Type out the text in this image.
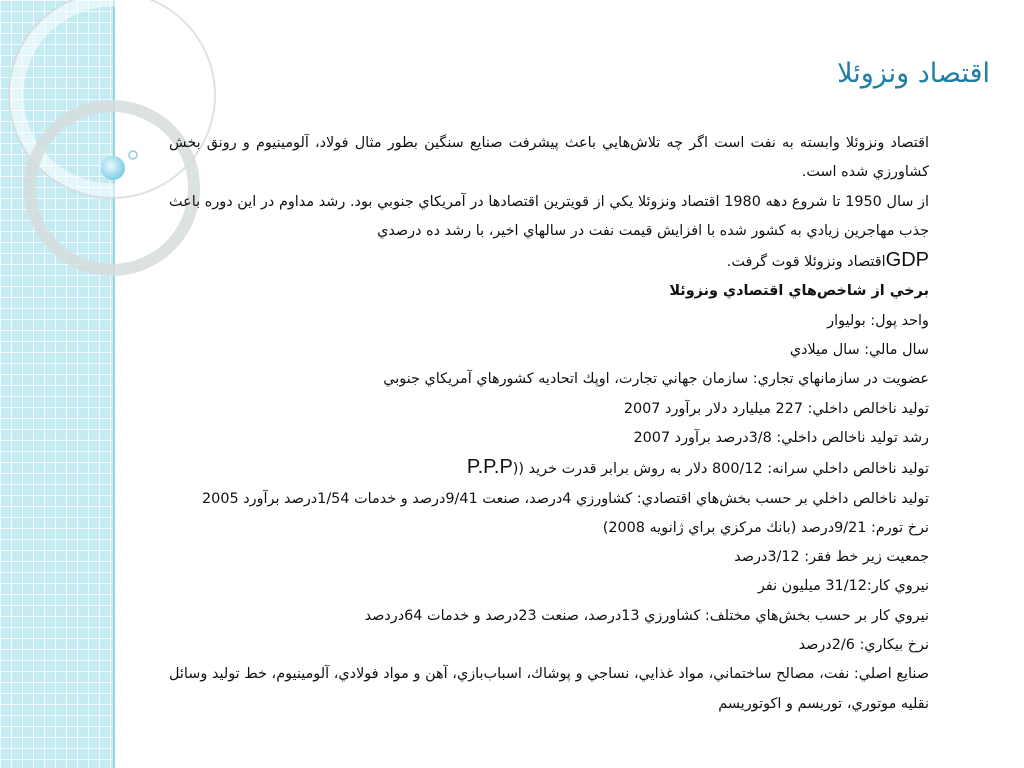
اقتصاد ونزوئلا

اقتصاد ونزوئلا وابسته به نفت است اگر چه تلاش‌هايي باعث پيشرفت صنايع سنگين بطور مثال فولاد، آلومينيوم و رونق بخش كشاورزي شده است.

از سال 1950 تا شروع دهه 1980 اقتصاد ونزوئلا يكي از قويترين اقتصادها در آمريكاي جنوبي بود. رشد مداوم در اين دوره باعث جذب مهاجرين زيادي به كشور شده با افزايش قيمت نفت در سالهاي اخير، با رشد ده درصدي

GDPاقتصاد ونزوئلا قوت گرفت.

برخي از شاخص‌هاي اقتصادي ونزوئلا

واحد پول: بوليوار

سال مالي: سال ميلادي

عضويت در سازمانهاي تجاري: سازمان جهاني تجارت، اوپك اتحاديه كشورهاي آمريكاي جنوبي

توليد ناخالص داخلي: 227 ميليارد دلار برآورد 2007

رشد توليد ناخالص داخلي: 3/8درصد برآورد 2007

توليد ناخالص داخلي سرانه: 800/12 دلار به روش برابر قدرت خريد ((P.P.P

توليد ناخالص داخلي بر حسب بخش‌هاي اقتصادي: كشاورزي 4درصد، صنعت 9/41درصد و خدمات 1/54درصد برآورد 2005

نرخ تورم: 9/21درصد (بانك مركزي براي ژانويه 2008)

جمعيت زير خط فقر: 3/12درصد

نيروي كار:31/12 ميليون نفر

نيروي كار بر حسب بخش‌هاي مختلف: كشاورزي 13درصد، صنعت 23درصد و خدمات 64دردصد

نرخ بيكاري: 2/6درصد

صنايع اصلي: نفت، مصالح ساختماني، مواد غذايي، نساجي و پوشاك، اسباب‌بازي، آهن و مواد فولادي، آلومينيوم، خط توليد وسائل نقليه موتوري، توريسم و اكوتوريسم
